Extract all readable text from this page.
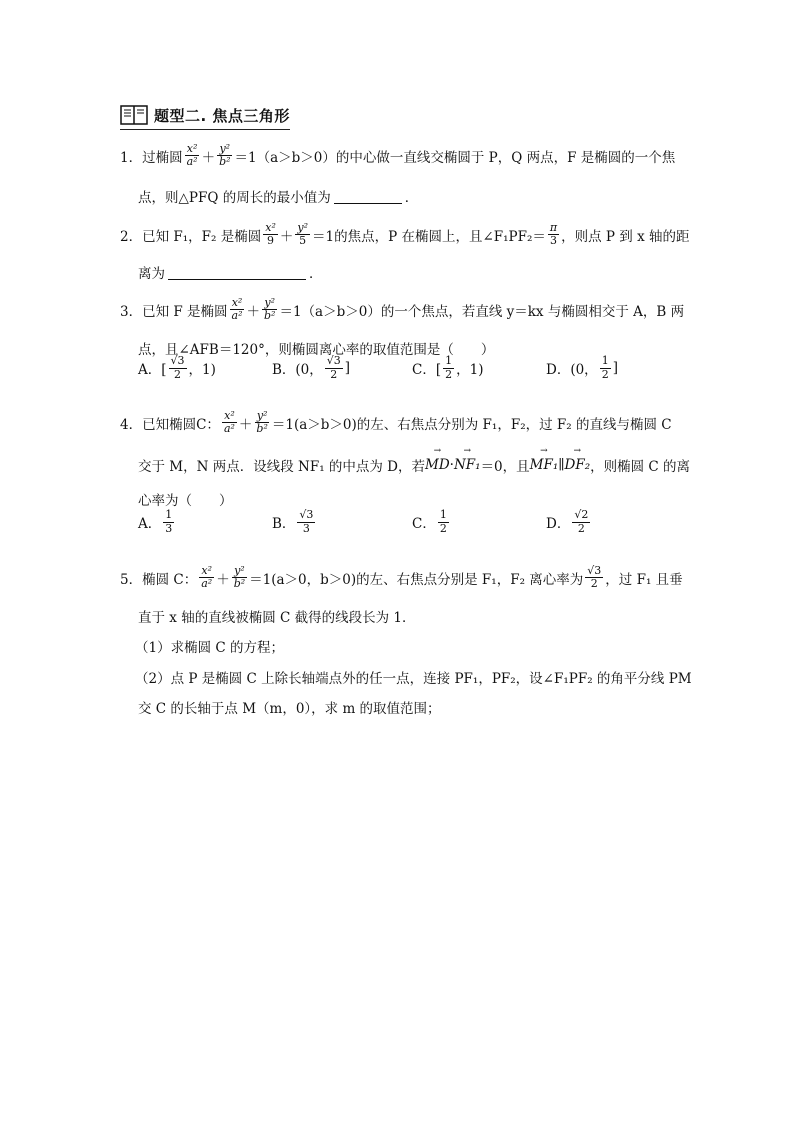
题型二. 焦点三角形
1． 过椭圆 $\frac{\text{x²}}{\text{a²}} + \frac{\text{y²}}{\text{b²}} =1(a>b>0)$的中心做一直线交椭圆于 P，Q 两点，F 是椭圆的一个焦
点，则△PFQ 的周长的最小值为	．
2． 已知 F₁，F₂ 是椭圆 $\frac{\text{x²}}{9} + \frac{\text{y²}}{5} =1$的焦点，P 在椭圆上，且∠F₁PF₂＝ $\frac{\pi}{3}$ ，则点 P 到 x 轴的距
离为	．
3． 已知 F 是椭圆 $\frac{\text{x²}}{\text{a²}} + \frac{\text{y²}}{\text{b²}} =1(a>b>0)$的一个焦点，若直线 y＝kx 与椭圆相交于 A，B 两
点，且∠AFB＝120°，则椭圆离心率的取值范围是（　　）
A．[ $\frac{√3}{2}$ ，1)	B．(0， $\frac{√3}{2}$ ]	C．[ $\frac{1}{2}$ ，1)	D．(0， $\frac{1}{2}$ ]
4． 已知椭圆C： $\frac{\text{x²}}{\text{a²}} + \frac{\text{y²}}{\text{b²}} =1(a>b>0)$的左、右焦点分别为 F₁，F₂，过 F₂ 的直线与椭圆 C
交于 M，N 两点．设线段 NF₁ 的中点为 D，若 → MD · → NF₁ ＝0，且 → MF₁ ∥ → DF₂ ，则椭圆 C 的离
心率为（　　）
A． $\frac{1}{3}$	B． $\frac{√3}{3}$	C． $\frac{1}{2}$	D． $\frac{√2}{2}$
5． 椭圆 C： $\frac{\text{x²}}{\text{a²}} + \frac{\text{y²}}{\text{b²}} =1(a>0$，b＞0)的左、右焦点分别是 F₁，F₂ 离心率为 $\frac{√3}{2}$ ，过 F₁ 且垂
直于 x 轴的直线被椭圆 C 截得的线段长为 1．
（1）求椭圆 C 的方程；
（2）点 P 是椭圆 C 上除长轴端点外的任一点，连接 PF₁，PF₂，设∠F₁PF₂ 的角平分线 PM
交 C 的长轴于点 M（m，0），求 m 的取值范围；
